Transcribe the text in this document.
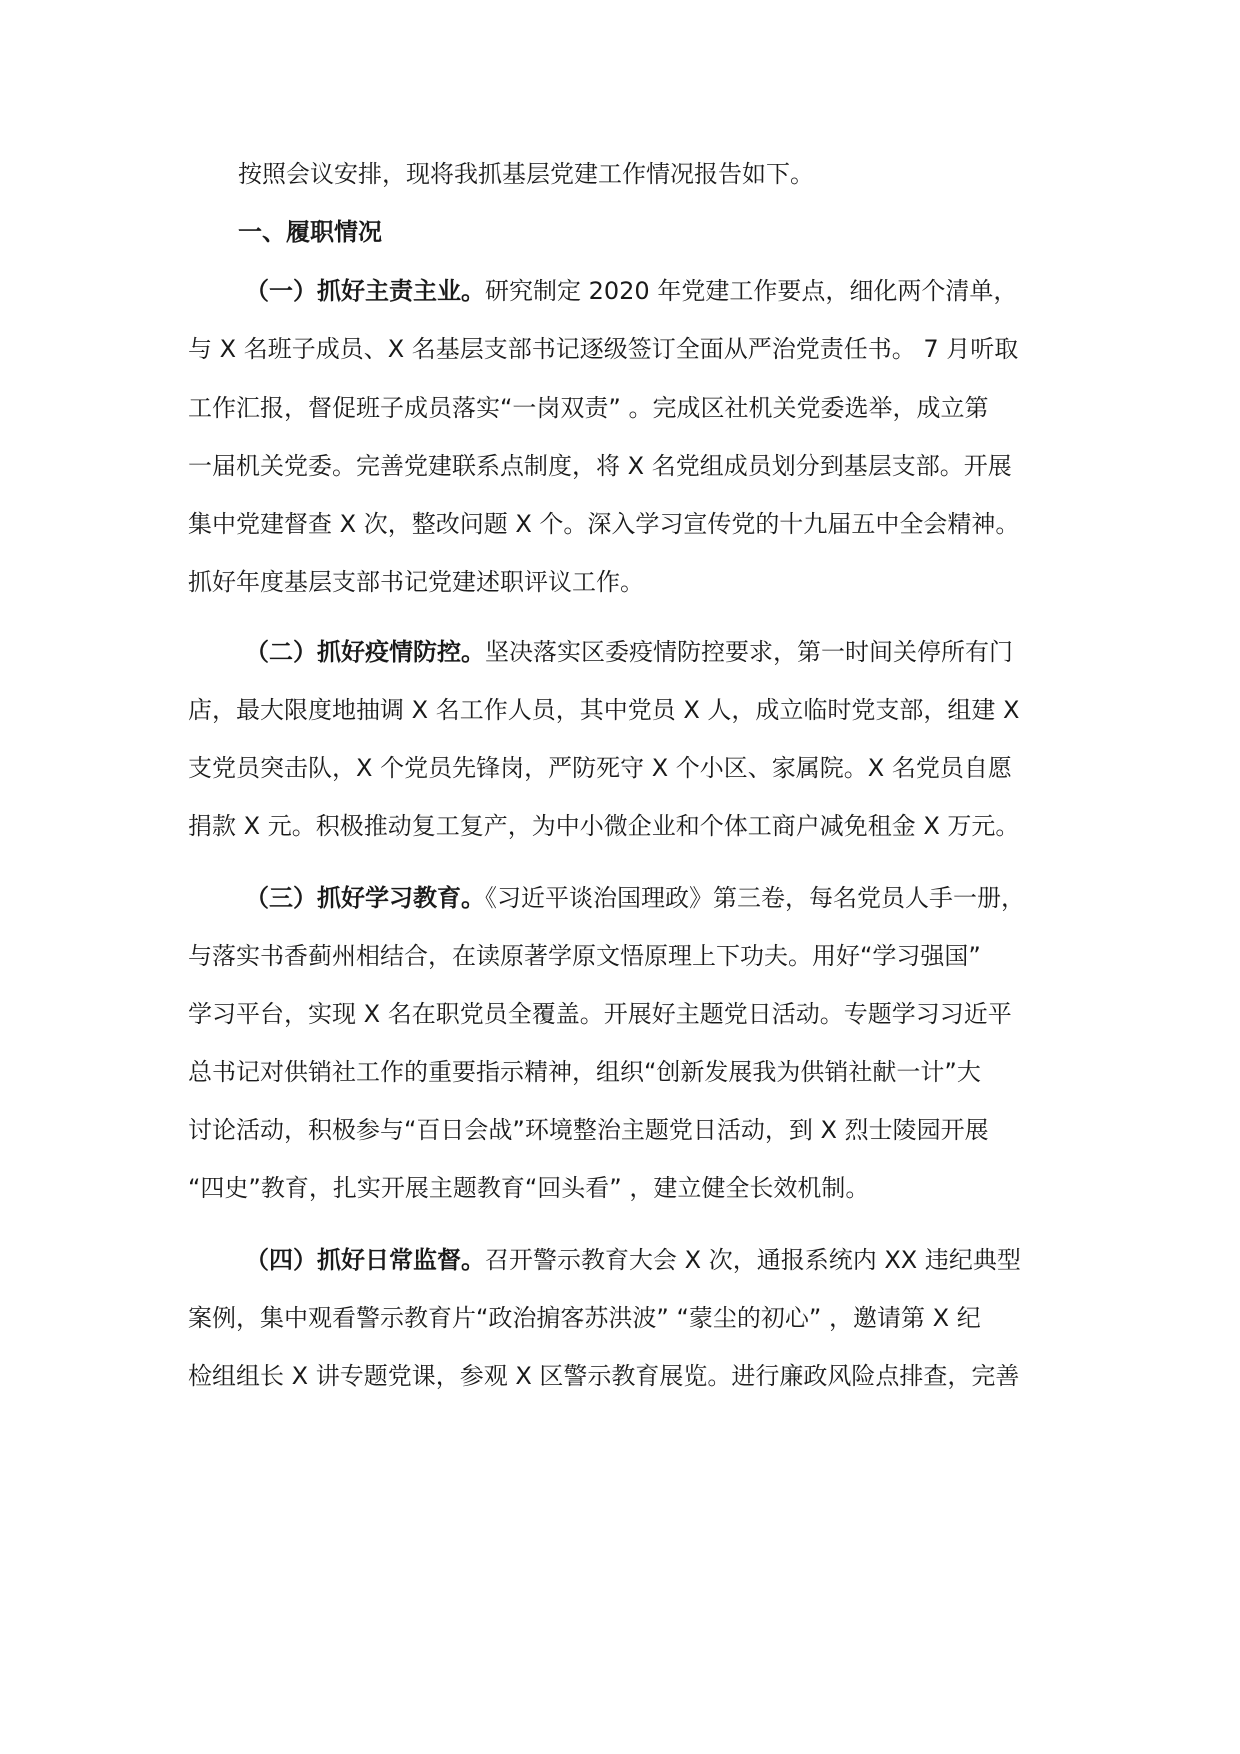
按照会议安排，现将我抓基层党建工作情况报告如下。
一、履职情况
（一）抓好主责主业。研究制定 2020 年党建工作要点，细化两个清单，
与 X 名班子成员、X 名基层支部书记逐级签订全面从严治党责任书。 7 月听取
工作汇报，督促班子成员落实“一岗双责” 。完成区社机关党委选举，成立第
一届机关党委。完善党建联系点制度，将 X 名党组成员划分到基层支部。开展
集中党建督查 X 次，整改问题 X 个。深入学习宣传党的十九届五中全会精神。
抓好年度基层支部书记党建述职评议工作。
（二）抓好疫情防控。坚决落实区委疫情防控要求，第一时间关停所有门
店，最大限度地抽调 X 名工作人员，其中党员 X 人，成立临时党支部，组建 X
支党员突击队，X 个党员先锋岗，严防死守 X 个小区、家属院。X 名党员自愿
捐款 X 元。积极推动复工复产，为中小微企业和个体工商户减免租金 X 万元。
（三）抓好学习教育。《习近平谈治国理政》第三卷，每名党员人手一册，
与落实书香蓟州相结合，在读原著学原文悟原理上下功夫。用好“学习强国”
学习平台，实现 X 名在职党员全覆盖。开展好主题党日活动。专题学习习近平
总书记对供销社工作的重要指示精神，组织“创新发展我为供销社献一计”大
讨论活动，积极参与“百日会战”环境整治主题党日活动，到 X 烈士陵园开展
“四史”教育，扎实开展主题教育“回头看” ，建立健全长效机制。
（四）抓好日常监督。召开警示教育大会 X 次，通报系统内 XX 违纪典型
案例，集中观看警示教育片“政治掮客苏洪波” “蒙尘的初心” ，邀请第 X 纪
检组组长 X 讲专题党课，参观 X 区警示教育展览。进行廉政风险点排查，完善
